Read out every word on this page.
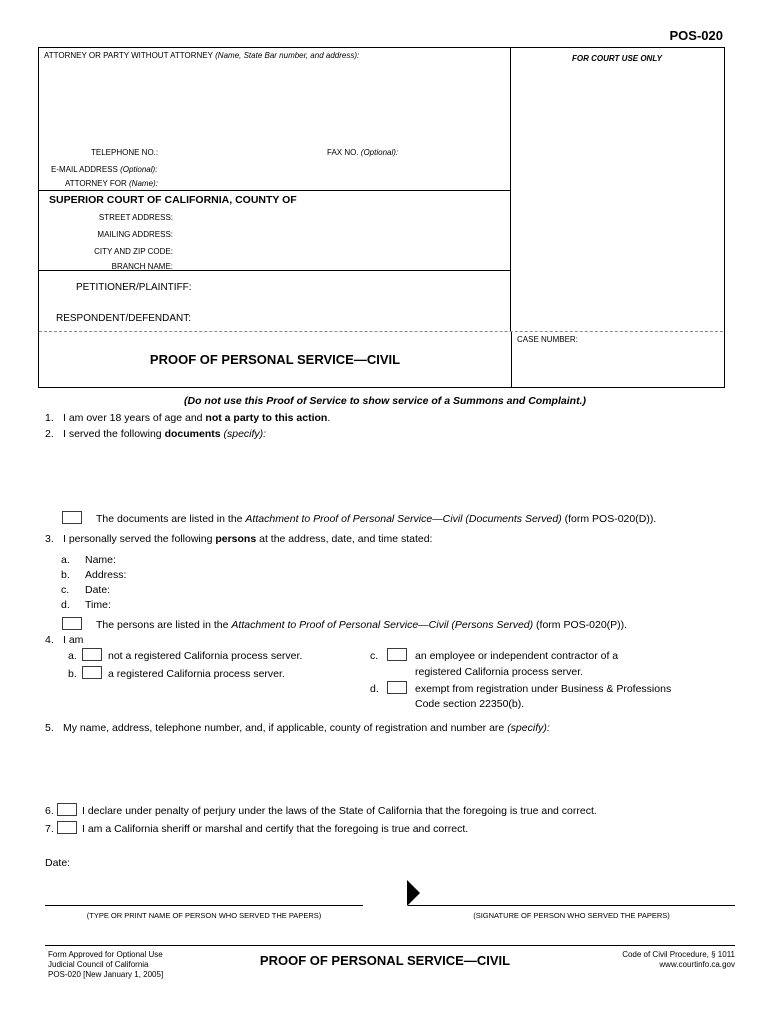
POS-020
ATTORNEY OR PARTY WITHOUT ATTORNEY (Name, State Bar number, and address):
TELEPHONE NO.:	FAX NO. (Optional):
E-MAIL ADDRESS (Optional):
ATTORNEY FOR (Name):
SUPERIOR COURT OF CALIFORNIA, COUNTY OF
STREET ADDRESS:
MAILING ADDRESS:
CITY AND ZIP CODE:
BRANCH NAME:
PETITIONER/PLAINTIFF:
RESPONDENT/DEFENDANT:
FOR COURT USE ONLY
PROOF OF PERSONAL SERVICE—CIVIL
CASE NUMBER:
(Do not use this Proof of Service to show service of a Summons and Complaint.)
1. I am over 18 years of age and not a party to this action.
2. I served the following documents (specify):
The documents are listed in the Attachment to Proof of Personal Service—Civil (Documents Served) (form POS-020(D)).
3. I personally served the following persons at the address, date, and time stated:
a. Name:
b. Address:
c. Date:
d. Time:
The persons are listed in the Attachment to Proof of Personal Service—Civil (Persons Served) (form POS-020(P)).
4. I am
a.	not a registered California process server.
b.	a registered California process server.
c.	an employee or independent contractor of a
registered California process server.
d.	exempt from registration under Business & Professions
Code section 22350(b).
5. My name, address, telephone number, and, if applicable, county of registration and number are (specify):
6.	I declare under penalty of perjury under the laws of the State of California that the foregoing is true and correct.
7.	I am a California sheriff or marshal and certify that the foregoing is true and correct.
Date:
(TYPE OR PRINT NAME OF PERSON WHO SERVED THE PAPERS)	(SIGNATURE OF PERSON WHO SERVED THE PAPERS)
Form Approved for Optional Use
Judicial Council of California
POS-020 [New January 1, 2005]
PROOF OF PERSONAL SERVICE—CIVIL	Code of Civil Procedure, § 1011
www.courtinfo.ca.gov
